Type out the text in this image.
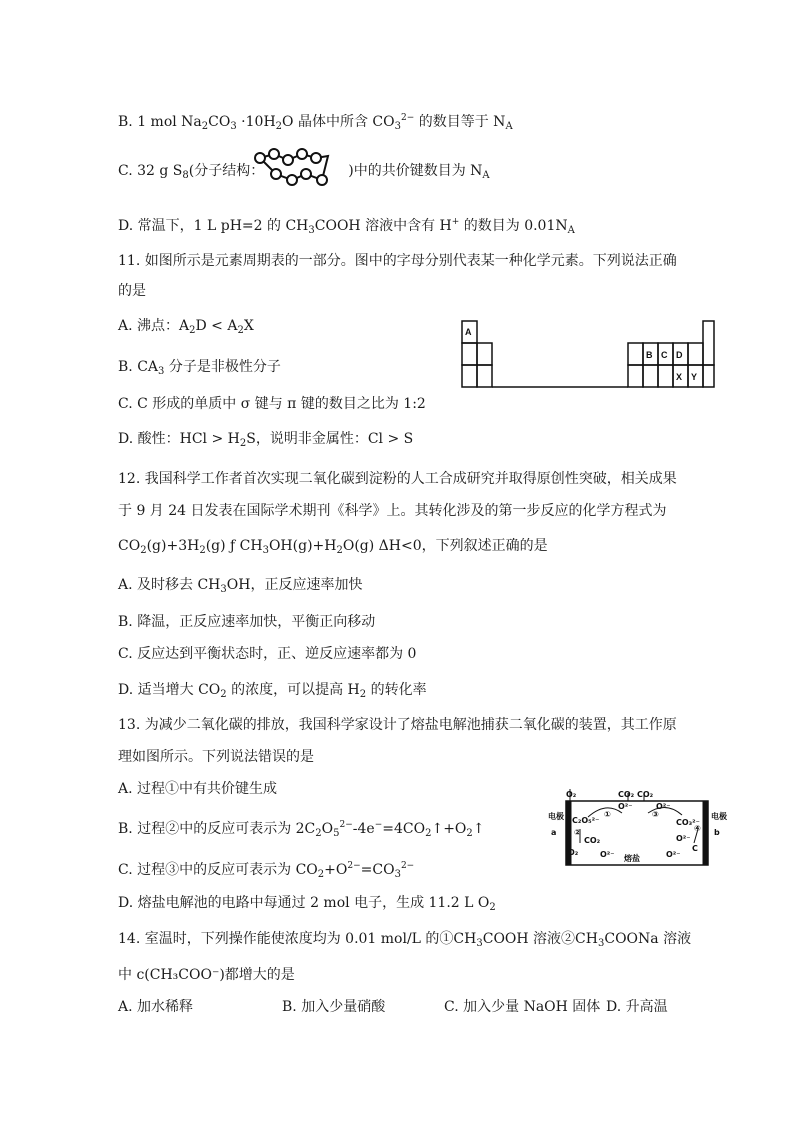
B. 1 mol $Na_2CO_3 \cdot 10H_2O$ 晶体中所含 $CO_3^{2-}$ 的数目等于 $N_A$
C. 32 g $S_8$(分子结构：	)中的共价键数目为 $N_A$
D. 常温下，1 L pH=2 的 $CH_3COOH$ 溶液中含有 H+ 的数目为 $0.01N_A$
11. 如图所示是元素周期表的一部分。图中的字母分别代表某一种化学元素。下列说法正确
的是
A. 沸点：$A_2D < A_2X$
B. $CA_3$ 分子是非极性分子
C. C 形成的单质中 σ 键与 π 键的数目之比为 1:2
D. 酸性：HCl > $H_2S$，说明非金属性：Cl > S
A
B C D
X Y
12. 我国科学工作者首次实现二氧化碳到淀粉的人工合成研究并取得原创性突破，相关成果
于 9 月 24 日发表在国际学术期刊《科学》上。其转化涉及的第一步反应的化学方程式为
$CO_2(g)+3H_2(g)$ ƒ $CH_3OH(g)+H_2O(g)$ ΔH<0，下列叙述正确的是
A. 及时移去 $CH_3OH$，正反应速率加快
B. 降温，正反应速率加快，平衡正向移动
C. 反应达到平衡状态时，正、逆反应速率都为 0
D. 适当增大 $CO_2$ 的浓度，可以提高 $H_2$ 的转化率
13. 为减少二氧化碳的排放，我国科学家设计了熔盐电解池捕获二氧化碳的装置，其工作原
理如图所示。下列说法错误的是
A. 过程①中有共价键生成
B. 过程②中的反应可表示为 $2C_2O_5^{2-}-4e^-=4CO_2↑+O_2↑$
C. 过程③中的反应可表示为 $CO_2+O^{2-}=CO_3^{2-}$
D. 熔盐电解池的电路中每通过 2 mol 电子，生成 11.2 L $O_2$
O₂	CO₂ CO₂
电极
a
电极
b
C₂O₅²⁻
①
O²⁻
②
CO₂
O₂	O²⁻
③
O²⁻
CO₃²⁻
④
O²⁻
C
O²⁻
熔盐
14. 室温时，下列操作能使浓度均为 0.01 mol/L 的$①CH_3COOH$ 溶液$②CH_3COONa$ 溶液
中 c(CH₃COO⁻)都增大的是
A. 加水稀释	B. 加入少量硝酸	C. 加入少量 NaOH 固体 D. 升高温
